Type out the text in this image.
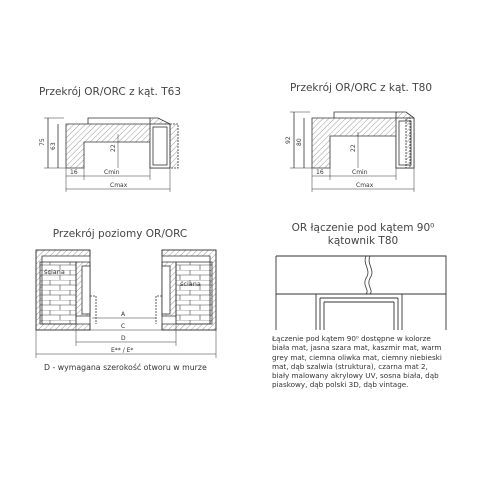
Przekrój OR/ORC z kąt. T63	Przekrój OR/ORC z kąt. T80
Przekrój poziomy OR/ORC	OR łączenie pod kątem 90⁰
kątownik T80
75
63	22
16	Cmin
Cmax
92 80
22
16	Cmin
Cmax
ściana
ściana
A
C
D
E** / E*
D - wymagana szerokość otworu w murze
Łączenie pod kątem 90⁰ dostępne w kolorze biała mat, jasna szara mat, kaszmir mat, warm grey mat, ciemna oliwka mat, ciemny niebieski mat, dąb szalwia (struktura), czarna mat 2, biały malowany akrylowy UV, sosna biała, dąb piaskowy, dąb polski 3D, dąb vintage.
